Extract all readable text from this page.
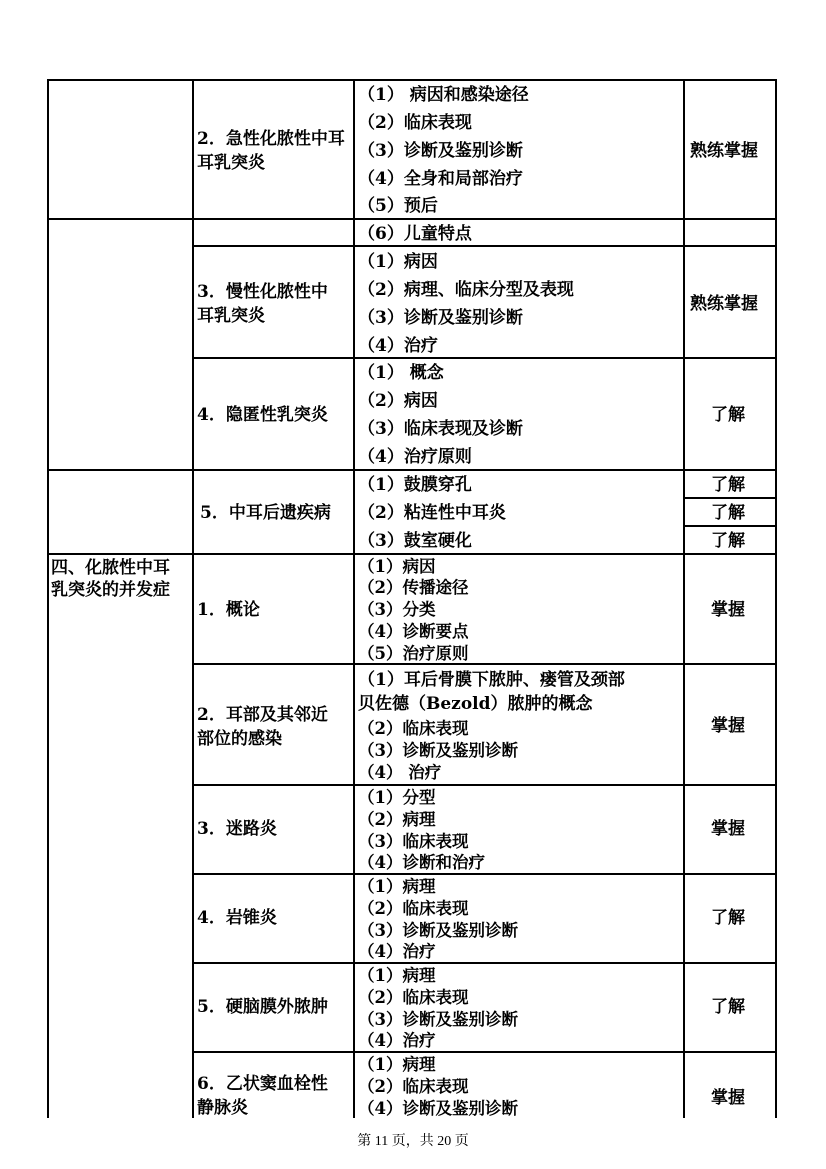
2．急性化脓性中耳
耳乳突炎
（1） 病因和感染途径
（2）临床表现
（3）诊断及鉴别诊断
（4）全身和局部治疗
（5）预后
熟练掌握
（6）儿童特点
3．慢性化脓性中
耳乳突炎
（1）病因
（2）病理、临床分型及表现
（3）诊断及鉴别诊断
（4）治疗
熟练掌握
4．隐匿性乳突炎
（1） 概念
（2）病因
（3）临床表现及诊断
（4）治疗原则
了解
5．中耳后遗疾病
（1）鼓膜穿孔
（2）粘连性中耳炎
（3）鼓室硬化
了解
了解
了解
四、化脓性中耳
乳突炎的并发症
1．概论
（1）病因
（2）传播途径
（3）分类
（4）诊断要点
（5）治疗原则
掌握
2．耳部及其邻近
部位的感染
（1）耳后骨膜下脓肿、瘘管及颈部
贝佐德（Bezold）脓肿的概念
（2）临床表现
（3）诊断及鉴别诊断
（4） 治疗
掌握
3．迷路炎
（1）分型
（2）病理
（3）临床表现
（4）诊断和治疗
掌握
4．岩锥炎
（1）病理
（2）临床表现
（3）诊断及鉴别诊断
（4）治疗
了解
5．硬脑膜外脓肿
（1）病理
（2）临床表现
（3）诊断及鉴别诊断
（4）治疗
了解
6．乙状窦血栓性
静脉炎
（1）病理
（2）临床表现
（4）诊断及鉴别诊断
掌握
第 11 页，共 20 页
